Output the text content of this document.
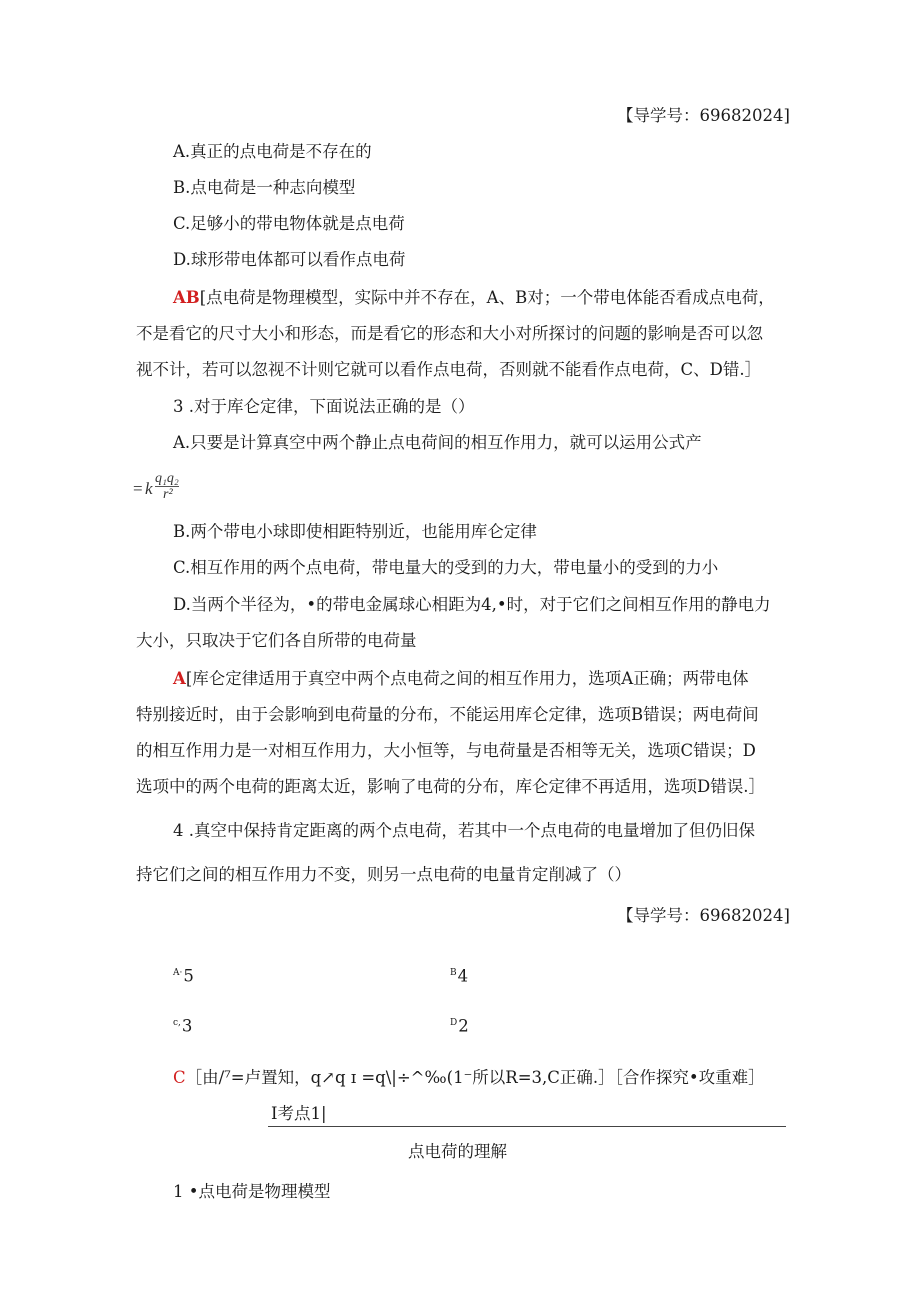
【导学号：69682024]
A.真正的点电荷是不存在的
B.点电荷是一种志向模型
C.足够小的带电物体就是点电荷
D.球形带电体都可以看作点电荷
AB[点电荷是物理模型，实际中并不存在，A、B对；一个带电体能否看成点电荷，
不是看它的尺寸大小和形态，而是看它的形态和大小对所探讨的问题的影响是否可以忽
视不计，若可以忽视不计则它就可以看作点电荷，否则就不能看作点电荷，C、D错.］
3 .对于库仑定律，下面说法正确的是（）
A.只要是计算真空中两个静止点电荷间的相互作用力，就可以运用公式产
= k
q₁q₂
r²
B.两个带电小球即使相距特别近，也能用库仑定律
C.相互作用的两个点电荷，带电量大的受到的力大，带电量小的受到的力小
D.当两个半径为，•的带电金属球心相距为4,•时，对于它们之间相互作用的静电力
大小，只取决于它们各自所带的电荷量
A[库仑定律适用于真空中两个点电荷之间的相互作用力，选项A正确；两带电体
特别接近时，由于会影响到电荷量的分布，不能运用库仑定律，选项B错误；两电荷间
的相互作用力是一对相互作用力，大小恒等，与电荷量是否相等无关，选项C错误；D
选项中的两个电荷的距离太近，影响了电荷的分布，库仑定律不再适用，选项D错误.］
4 .真空中保持肯定距离的两个点电荷，若其中一个点电荷的电量增加了但仍旧保
持它们之间的相互作用力不变，则另一点电荷的电量肯定削减了（）
【导学号：69682024]
$^{A\cdot}$5	$^B$4
$^{c,}$3	$^D$2
C［由/⁷=卢置知，q↗q ɪ =q\|÷^‰(1⁻所以R=3,C正确.］［合作探究•攻重难］
I考点1|
点电荷的理解
1 •点电荷是物理模型
